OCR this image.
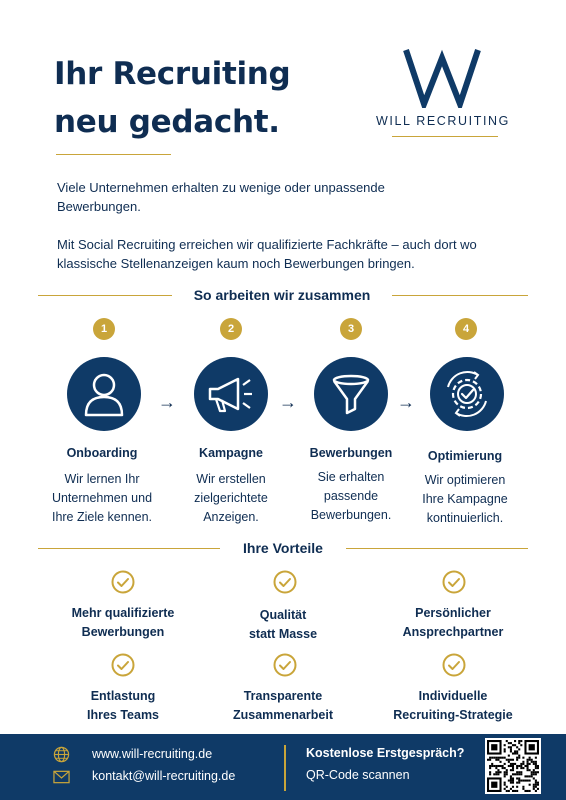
Ihr Recruiting
neu gedacht.	WILL RECRUITING

Viele Unternehmen erhalten zu wenige oder unpassende Bewerbungen.

Mit Social Recruiting erreichen wir qualifizierte Fachkräfte – auch dort wo klassische Stellenanzeigen kaum noch Bewerbungen bringen.

So arbeiten wir zusammen
1	2	3	4
→	→	→
Onboarding	Kampagne	Bewerbungen	Optimierung
Wir lernen Ihr
Unternehmen und
Ihre Ziele kennen.
Wir erstellen
zielgerichtete
Anzeigen.
Sie erhalten
passende
Bewerbungen.
Wir optimieren
Ihre Kampagne
kontinuierlich.
Ihre Vorteile
Mehr qualifizierte
Bewerbungen
Qualität
statt Masse
Persönlicher
Ansprechpartner
Entlastung
Ihres Teams
Transparente
Zusammenarbeit
Individuelle
Recruiting-Strategie
www.will-recruiting.de
kontakt@will-recruiting.de
Kostenlose Erstgespräch?
QR-Code scannen
